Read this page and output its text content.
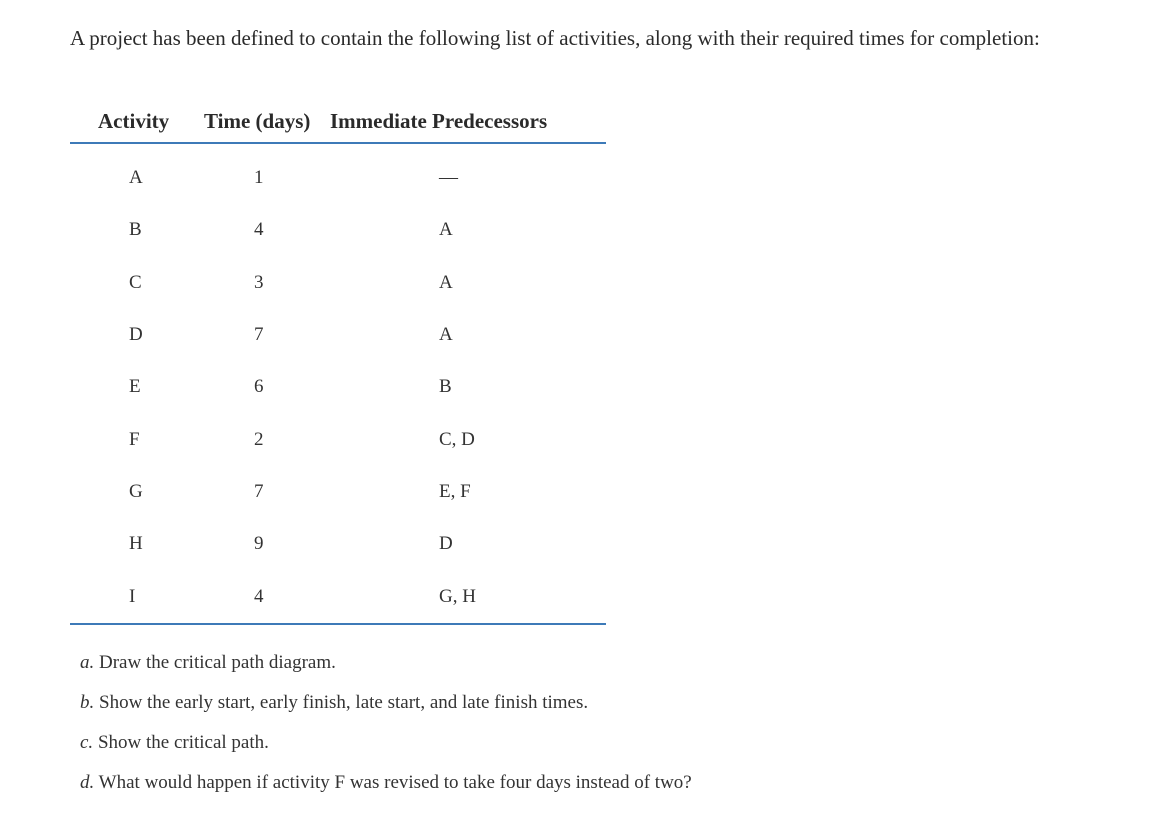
A project has been defined to contain the following list of activities, along with their required times for completion:
Activity	Time (days)	Immediate Predecessors
A	1	—
B	4	A
C	3	A
D	7	A
E	6	B
F	2	C, D
G	7	E, F
H	9	D
I	4	G, H
a. Draw the critical path diagram.
b. Show the early start, early finish, late start, and late finish times.
c. Show the critical path.
d. What would happen if activity F was revised to take four days instead of two?
